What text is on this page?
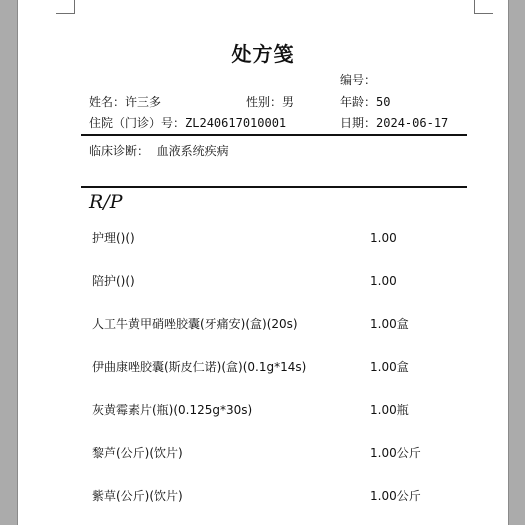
处方笺
编号：
姓名：许三多	性别：男	年龄：50
住院（门诊）号：ZL240617010001	日期：2024-06-17
临床诊断： 血液系统疾病
R/P
护理()()	1.00
陪护()()	1.00
人工牛黄甲硝唑胶囊(牙痛安)(盒)(20s)	1.00盒
伊曲康唑胶囊(斯皮仁诺)(盒)(0.1g*14s)	1.00盒
灰黄霉素片(瓶)(0.125g*30s)	1.00瓶
黎芦(公斤)(饮片)	1.00公斤
紫草(公斤)(饮片)	1.00公斤
